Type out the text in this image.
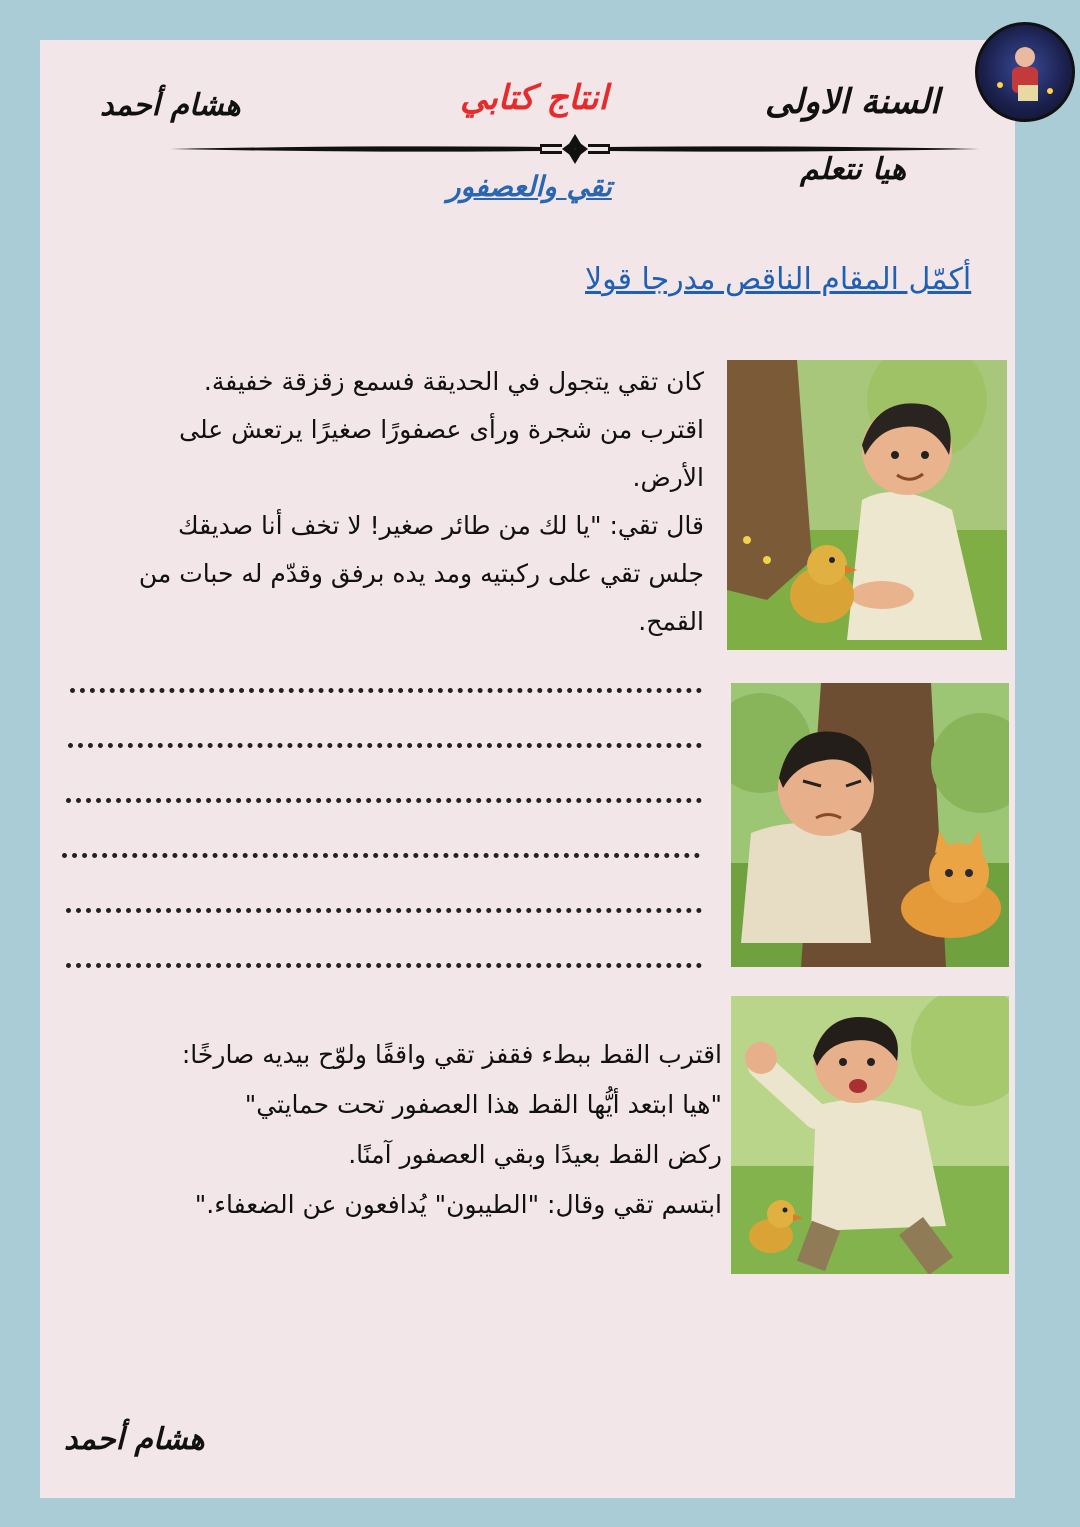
السنة الاولى
هيا نتعلم
انتاج كتابي
هشام أحمد
تقي والعصفور
أكمّل المقام الناقص مدرجا قولا

كان تقي يتجول في الحديقة فسمع زقزقة خفيفة.

اقترب من شجرة ورأى عصفورًا صغيرًا يرتعش على

الأرض.

قال تقي: "يا لك من طائر صغير! لا تخف أنا صديقك

جلس تقي على ركبتيه ومد يده برفق وقدّم له حبات من

القمح.

اقترب القط ببطء فقفز تقي واقفًا ولوّح بيديه صارخًا:

"هيا ابتعد أيُّها القط هذا العصفور تحت حمايتي"

ركض القط بعيدًا وبقي العصفور آمنًا.

ابتسم تقي وقال: "الطيبون" يُدافعون عن الضعفاء."

هشام أحمد
